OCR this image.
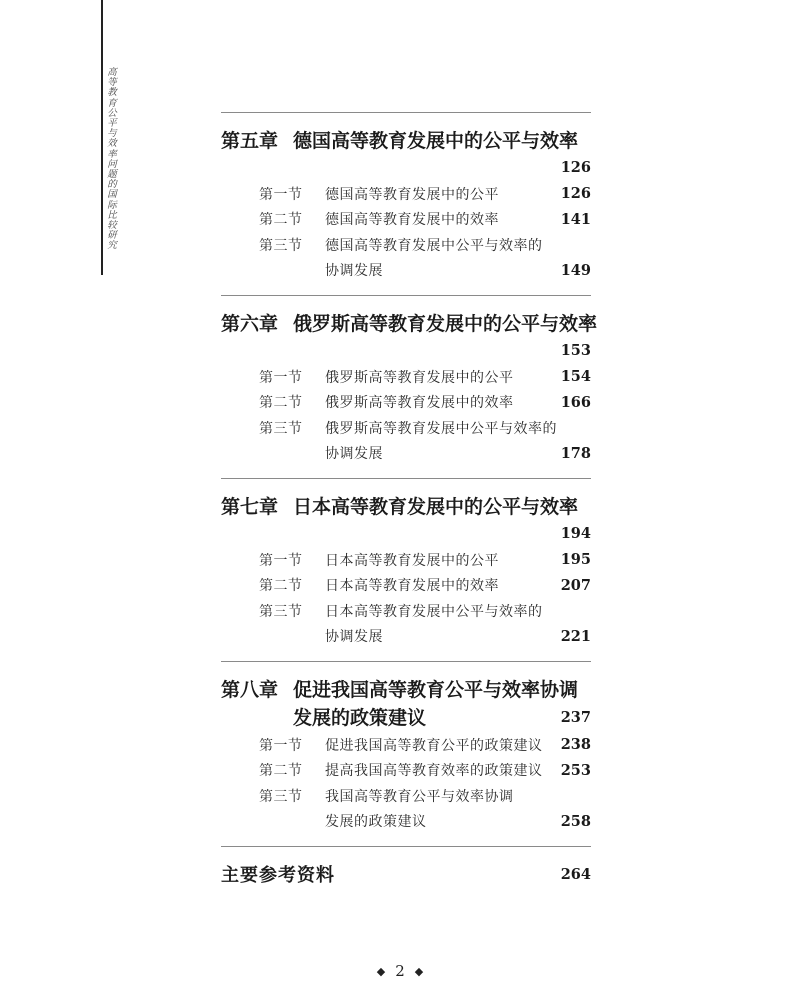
高等教育公平与效率问题的国际比较研究
第五章 德国高等教育发展中的公平与效率
126
第一节	德国高等教育发展中的公平	126
第二节	德国高等教育发展中的效率	141
第三节	德国高等教育发展中公平与效率的
协调发展	149
第六章 俄罗斯高等教育发展中的公平与效率
153
第一节	俄罗斯高等教育发展中的公平	154
第二节	俄罗斯高等教育发展中的效率	166
第三节	俄罗斯高等教育发展中公平与效率的
协调发展	178
第七章 日本高等教育发展中的公平与效率
194
第一节	日本高等教育发展中的公平	195
第二节	日本高等教育发展中的效率	207
第三节	日本高等教育发展中公平与效率的
协调发展	221
第八章 促进我国高等教育公平与效率协调
发展的政策建议	237
第一节	促进我国高等教育公平的政策建议	238
第二节	提高我国高等教育效率的政策建议	253
第三节	我国高等教育公平与效率协调
发展的政策建议	258
主要参考资料	264
◆ 2 ◆
